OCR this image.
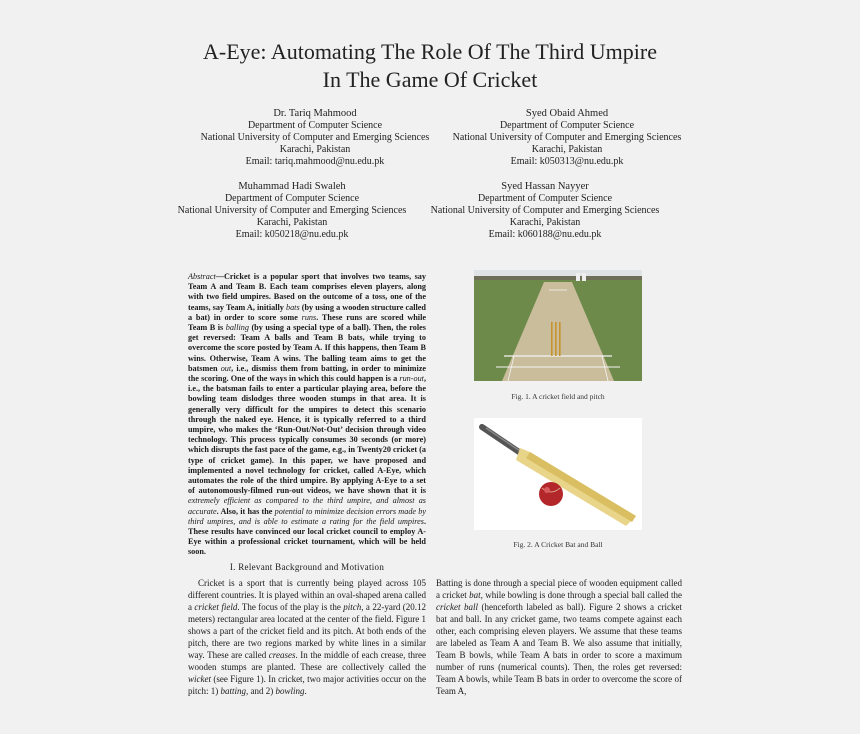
A-Eye: Automating The Role Of The Third Umpire
In The Game Of Cricket
Dr. Tariq Mahmood
Department of Computer Science
National University of Computer and Emerging Sciences
Karachi, Pakistan
Email: tariq.mahmood@nu.edu.pk
Syed Obaid Ahmed
Department of Computer Science
National University of Computer and Emerging Sciences
Karachi, Pakistan
Email: k050313@nu.edu.pk
Muhammad Hadi Swaleh
Department of Computer Science
National University of Computer and Emerging Sciences
Karachi, Pakistan
Email: k050218@nu.edu.pk
Syed Hassan Nayyer
Department of Computer Science
National University of Computer and Emerging Sciences
Karachi, Pakistan
Email: k060188@nu.edu.pk
Abstract—Cricket is a popular sport that involves two teams, say Team A and Team B. Each team comprises eleven players, along with two field umpires. Based on the outcome of a toss, one of the teams, say Team A, initially bats (by using a wooden structure called a bat) in order to score some runs. These runs are scored while Team B is balling (by using a special type of a ball). Then, the roles get reversed: Team A balls and Team B bats, while trying to overcome the score posted by Team A. If this happens, then Team B wins. Otherwise, Team A wins. The balling team aims to get the batsmen out, i.e., dismiss them from batting, in order to minimize the scoring. One of the ways in which this could happen is a run-out, i.e., the batsman fails to enter a particular playing area, before the bowling team dislodges three wooden stumps in that area. It is generally very difficult for the umpires to detect this scenario through the naked eye. Hence, it is typically referred to a third umpire, who makes the ‘Run-Out/Not-Out’ decision through video technology. This process typically consumes 30 seconds (or more) which disrupts the fast pace of the game, e.g., in Twenty20 cricket (a type of cricket game). In this paper, we have proposed and implemented a novel technology for cricket, called A-Eye, which automates the role of the third umpire. By applying A-Eye to a set of autonomously-filmed run-out videos, we have shown that it is extremely efficient as compared to the third umpire, and almost as accurate. Also, it has the potential to minimize decision errors made by third umpires, and is able to estimate a rating for the field umpires. These results have convinced our local cricket council to employ A-Eye within a professional cricket tournament, which will be held soon.
I. Relevant Background and Motivation
Cricket is a sport that is currently being played across 105 different countries. It is played within an oval-shaped arena called a cricket field. The focus of the play is the pitch, a 22-yard (20.12 meters) rectangular area located at the center of the field. Figure 1 shows a part of the cricket field and its pitch. At both ends of the pitch, there are two regions marked by white lines in a similar way. These are called creases. In the middle of each crease, three wooden stumps are planted. These are collectively called the wicket (see Figure 1). In cricket, two major activities occur on the pitch: 1) batting, and 2) bowling.
Batting is done through a special piece of wooden equipment called a cricket bat, while bowling is done through a special ball called the cricket ball (henceforth labeled as ball). Figure 2 shows a cricket bat and ball. In any cricket game, two teams compete against each other, each comprising eleven players. We assume that these teams are labeled as Team A and Team B. We also assume that initially, Team B bowls, while Team A bats in order to score a maximum number of runs (numerical counts). Then, the roles get reversed: Team A bowls, while Team B bats in order to overcome the score of Team A,
Fig. 1. A cricket field and pitch
Fig. 2. A Cricket Bat and Ball
